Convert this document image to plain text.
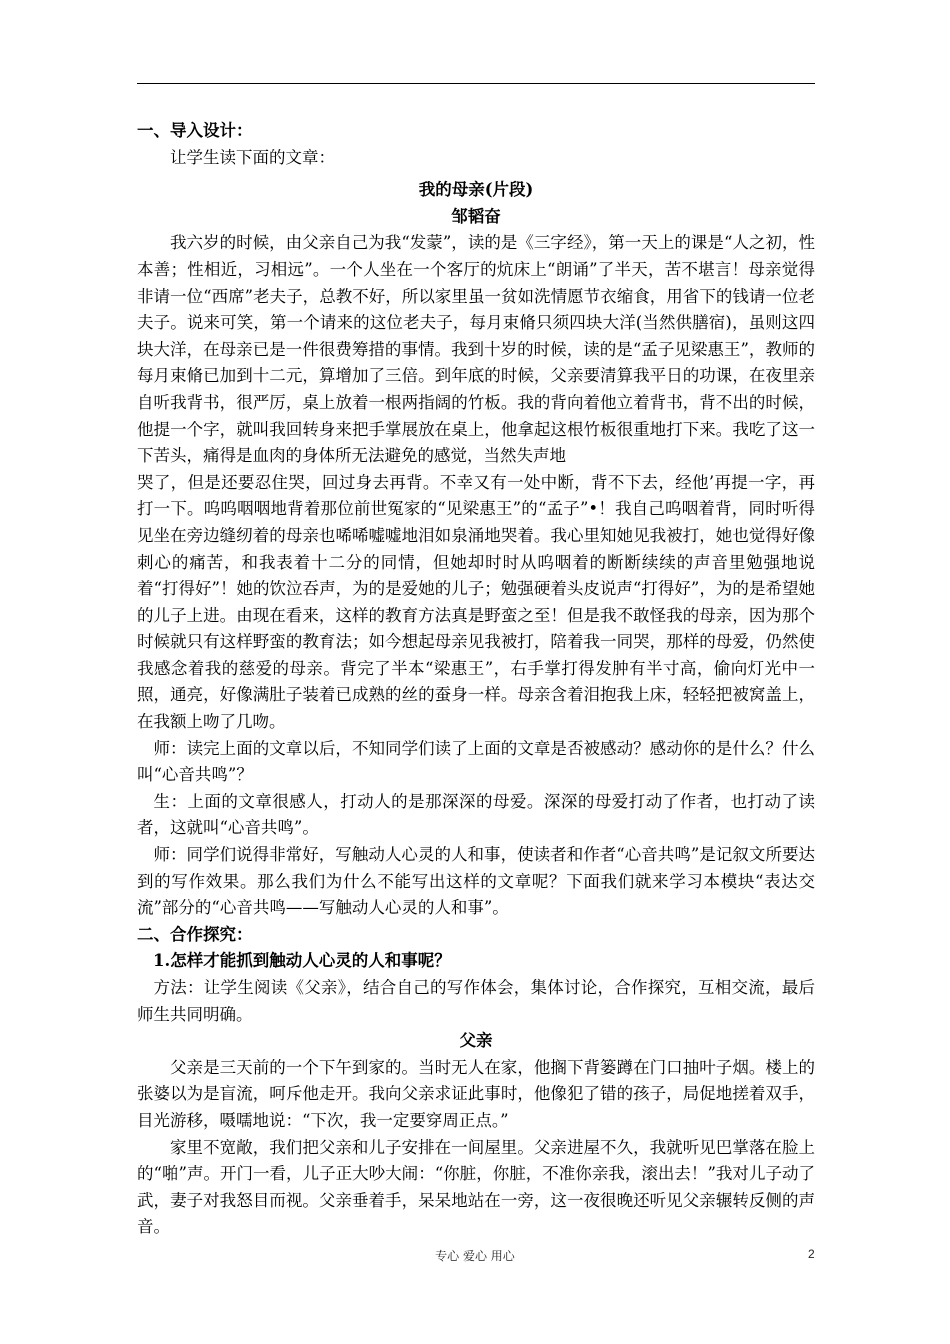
一、导入设计：

让学生读下面的文章：

我的母亲(片段)

邹韬奋

我六岁的时候，由父亲自己为我“发蒙”，读的是《三字经》，第一天上的课是“人之初，性本善；性相近，习相远”。一个人坐在一个客厅的炕床上“朗诵”了半天，苦不堪言！母亲觉得非请一位“西席”老夫子，总教不好，所以家里虽一贫如洗情愿节衣缩食，用省下的钱请一位老夫子。说来可笑，第一个请来的这位老夫子，每月束脩只须四块大洋(当然供膳宿)，虽则这四块大洋，在母亲已是一件很费筹措的事情。我到十岁的时候，读的是“孟子见梁惠王”，教师的每月束脩已加到十二元，算增加了三倍。到年底的时候，父亲要清算我平日的功课，在夜里亲自听我背书，很严厉，桌上放着一根两指阔的竹板。我的背向着他立着背书，背不出的时候，他提一个字，就叫我回转身来把手掌展放在桌上，他拿起这根竹板很重地打下来。我吃了这一下苦头，痛得是血肉的身体所无法避免的感觉，当然失声地

哭了，但是还要忍住哭，回过身去再背。不幸又有一处中断，背不下去，经他’再提一字，再打一下。呜呜咽咽地背着那位前世冤家的“见梁惠王”的“孟子”•！我自己呜咽着背，同时听得见坐在旁边缝纫着的母亲也唏唏嘘嘘地泪如泉涌地哭着。我心里知她见我被打，她也觉得好像刺心的痛苦，和我表着十二分的同情，但她却时时从呜咽着的断断续续的声音里勉强地说着“打得好”！她的饮泣吞声，为的是爱她的儿子；勉强硬着头皮说声“打得好”，为的是希望她的儿子上进。由现在看来，这样的教育方法真是野蛮之至！但是我不敢怪我的母亲，因为那个时候就只有这样野蛮的教育法；如今想起母亲见我被打，陪着我一同哭，那样的母爱，仍然使我感念着我的慈爱的母亲。背完了半本“梁惠王”，右手掌打得发肿有半寸高，偷向灯光中一照，通亮，好像满肚子装着已成熟的丝的蚕身一样。母亲含着泪抱我上床，轻轻把被窝盖上，在我额上吻了几吻。

师：读完上面的文章以后，不知同学们读了上面的文章是否被感动？感动你的是什么？什么叫“心音共鸣”？

生：上面的文章很感人，打动人的是那深深的母爱。深深的母爱打动了作者，也打动了读者，这就叫“心音共鸣”。

师：同学们说得非常好，写触动人心灵的人和事，使读者和作者“心音共鸣”是记叙文所要达到的写作效果。那么我们为什么不能写出这样的文章呢？下面我们就来学习本模块“表达交流”部分的“心音共鸣——写触动人心灵的人和事”。

二、合作探究：

1.怎样才能抓到触动人心灵的人和事呢？

方法：让学生阅读《父亲》，结合自己的写作体会，集体讨论，合作探究，互相交流，最后师生共同明确。

父亲

父亲是三天前的一个下午到家的。当时无人在家，他搁下背篓蹲在门口抽叶子烟。楼上的张婆以为是盲流，呵斥他走开。我向父亲求证此事时，他像犯了错的孩子，局促地搓着双手， 目光游移，嗫嚅地说：“下次，我一定要穿周正点。”

家里不宽敞，我们把父亲和儿子安排在一间屋里。父亲进屋不久，我就听见巴掌落在脸上的“啪”声。开门一看，儿子正大吵大闹：“你脏，你脏，不准你亲我，滚出去！”我对儿子动了武，妻子对我怒目而视。父亲垂着手，呆呆地站在一旁，这一夜很晚还听见父亲辗转反侧的声音。

专心 爱心 用心	2
